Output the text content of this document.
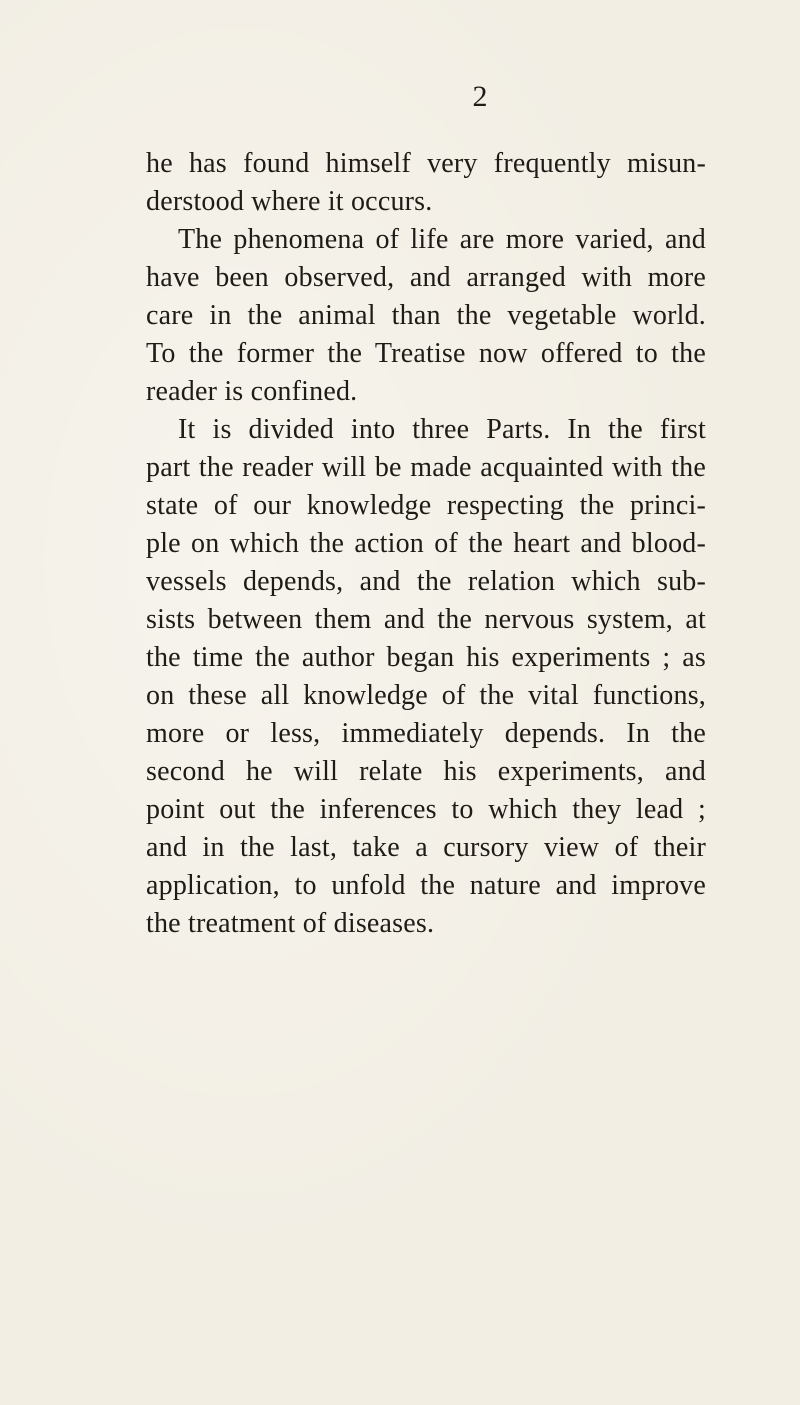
2
he has found himself very frequently misun-
derstood where it occurs.
The phenomena of life are more varied, and
have been observed, and arranged with more
care in the animal than the vegetable world.
To the former the Treatise now offered to the
reader is confined.
It is divided into three Parts. In the first
part the reader will be made acquainted with the
state of our knowledge respecting the princi-
ple on which the action of the heart and blood-
vessels depends, and the relation which sub-
sists between them and the nervous system, at
the time the author began his experiments ; as
on these all knowledge of the vital functions,
more or less, immediately depends. In the
second he will relate his experiments, and
point out the inferences to which they lead ;
and in the last, take a cursory view of their
application, to unfold the nature and improve
the treatment of diseases.
